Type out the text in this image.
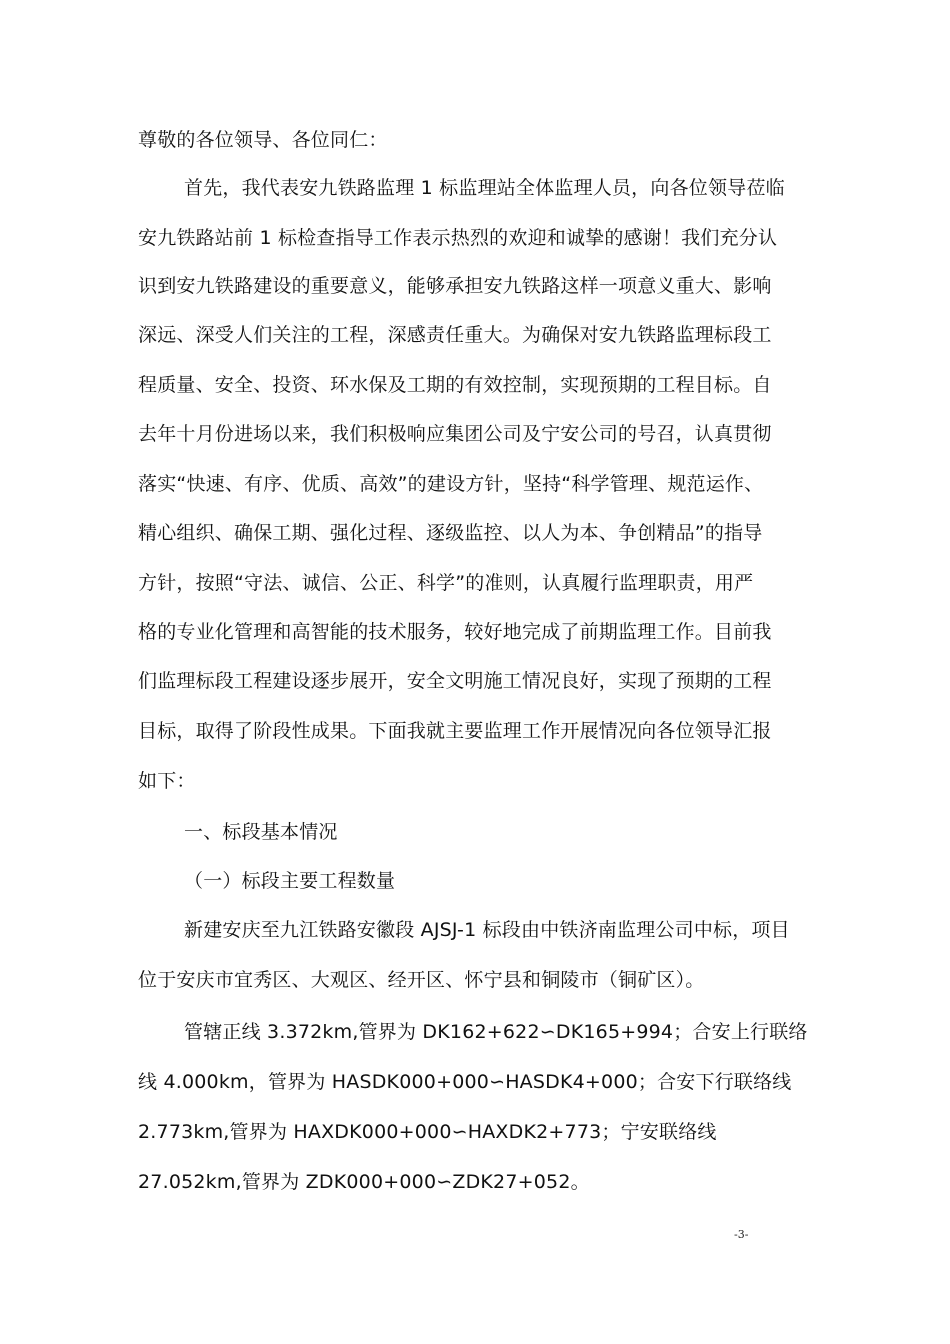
尊敬的各位领导、各位同仁：
首先，我代表安九铁路监理 1 标监理站全体监理人员，向各位领导莅临
安九铁路站前 1 标检查指导工作表示热烈的欢迎和诚挚的感谢！我们充分认
识到安九铁路建设的重要意义，能够承担安九铁路这样一项意义重大、影响
深远、深受人们关注的工程，深感责任重大。为确保对安九铁路监理标段工
程质量、安全、投资、环水保及工期的有效控制，实现预期的工程目标。自
去年十月份进场以来，我们积极响应集团公司及宁安公司的号召，认真贯彻
落实“快速、有序、优质、高效”的建设方针，坚持“科学管理、规范运作、
精心组织、确保工期、强化过程、逐级监控、以人为本、争创精品”的指导
方针，按照“守法、诚信、公正、科学”的准则，认真履行监理职责，用严
格的专业化管理和高智能的技术服务，较好地完成了前期监理工作。目前我
们监理标段工程建设逐步展开，安全文明施工情况良好，实现了预期的工程
目标，取得了阶段性成果。下面我就主要监理工作开展情况向各位领导汇报
如下：
一、标段基本情况
（一）标段主要工程数量
新建安庆至九江铁路安徽段 AJSJ-1 标段由中铁济南监理公司中标，项目
位于安庆市宜秀区、大观区、经开区、怀宁县和铜陵市（铜矿区）。
管辖正线 3.372km,管界为 DK162+622∽DK165+994；合安上行联络
线 4.000km，管界为 HASDK000+000∽HASDK4+000；合安下行联络线
2.773km,管界为 HAXDK000+000∽HAXDK2+773；宁安联络线
27.052km,管界为 ZDK000+000∽ZDK27+052。
-3-
